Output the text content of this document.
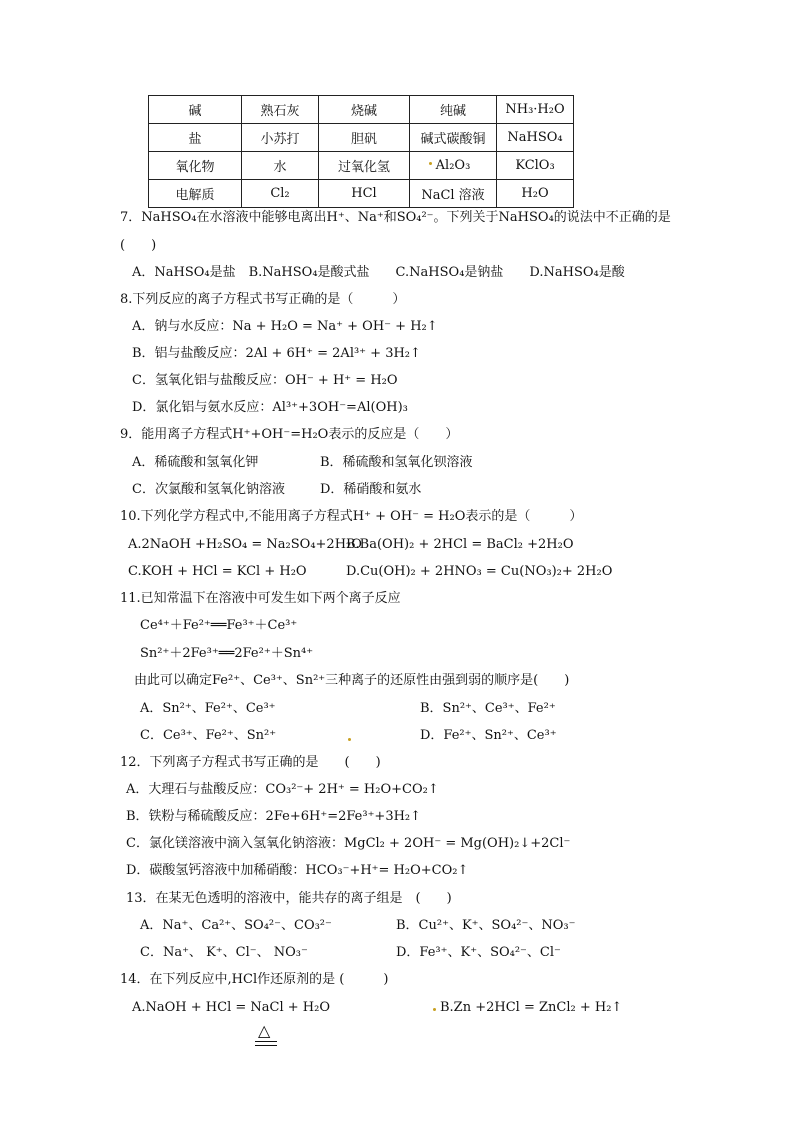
碱	熟石灰	烧碱	纯碱	NH₃·H₂O
盐	小苏打	胆矾	碱式碳酸铜	NaHSO₄
氧化物	水	过氧化氢	Al₂O₃	KClO₃
电解质	Cl₂	HCl	NaCl 溶液	H₂O
7．NaHSO₄在水溶液中能够电离出H⁺、Na⁺和SO₄²⁻。下列关于NaHSO₄的说法中不正确的是
(　　)
A．NaHSO₄是盐　B.NaHSO₄是酸式盐　　C.NaHSO₄是钠盐　　D.NaHSO₄是酸
8.下列反应的离子方程式书写正确的是（　　　）
A．钠与水反应：Na + H₂O = Na⁺ + OH⁻ + H₂↑
B．铝与盐酸反应：2Al + 6H⁺ = 2Al³⁺ + 3H₂↑
C．氢氧化铝与盐酸反应：OH⁻ + H⁺ = H₂O
D．氯化铝与氨水反应：Al³⁺+3OH⁻=Al(OH)₃
9．能用离子方程式H⁺+OH⁻=H₂O表示的反应是（　　）
A．稀硫酸和氢氧化钾	B．稀硫酸和氢氧化钡溶液
C．次氯酸和氢氧化钠溶液	D．稀硝酸和氨水
10.下列化学方程式中,不能用离子方程式H⁺ + OH⁻ = H₂O表示的是（　　　）
A.2NaOH +H₂SO₄ = Na₂SO₄+2H₂O
B.Ba(OH)₂ + 2HCl = BaCl₂ +2H₂O
C.KOH + HCl = KCl + H₂O	D.Cu(OH)₂ + 2HNO₃ = Cu(NO₃)₂+ 2H₂O
11.已知常温下在溶液中可发生如下两个离子反应
Ce⁴⁺＋Fe²⁺══Fe³⁺＋Ce³⁺
Sn²⁺＋2Fe³⁺══2Fe²⁺＋Sn⁴⁺
由此可以确定Fe²⁺、Ce³⁺、Sn²⁺三种离子的还原性由强到弱的顺序是(　　)
A．Sn²⁺、Fe²⁺、Ce³⁺	B．Sn²⁺、Ce³⁺、Fe²⁺
C．Ce³⁺、Fe²⁺、Sn²⁺	D．Fe²⁺、Sn²⁺、Ce³⁺
12．下列离子方程式书写正确的是　　(　　)
A．大理石与盐酸反应：CO₃²⁻+ 2H⁺ = H₂O+CO₂↑
B．铁粉与稀硫酸反应：2Fe+6H⁺=2Fe³⁺+3H₂↑
C．氯化镁溶液中滴入氢氧化钠溶液：MgCl₂ + 2OH⁻ = Mg(OH)₂↓+2Cl⁻
D．碳酸氢钙溶液中加稀硝酸：HCO₃⁻+H⁺= H₂O+CO₂↑
13．在某无色透明的溶液中，能共存的离子组是　(　　)
A．Na⁺、Ca²⁺、SO₄²⁻、CO₃²⁻	B．Cu²⁺、K⁺、SO₄²⁻、NO₃⁻
C．Na⁺、 K⁺、Cl⁻、 NO₃⁻	D．Fe³⁺、K⁺、SO₄²⁻、Cl⁻
14．在下列反应中,HCl作还原剂的是 (　　　)
A.NaOH + HCl = NaCl + H₂O	B.Zn +2HCl = ZnCl₂ + H₂↑
△
